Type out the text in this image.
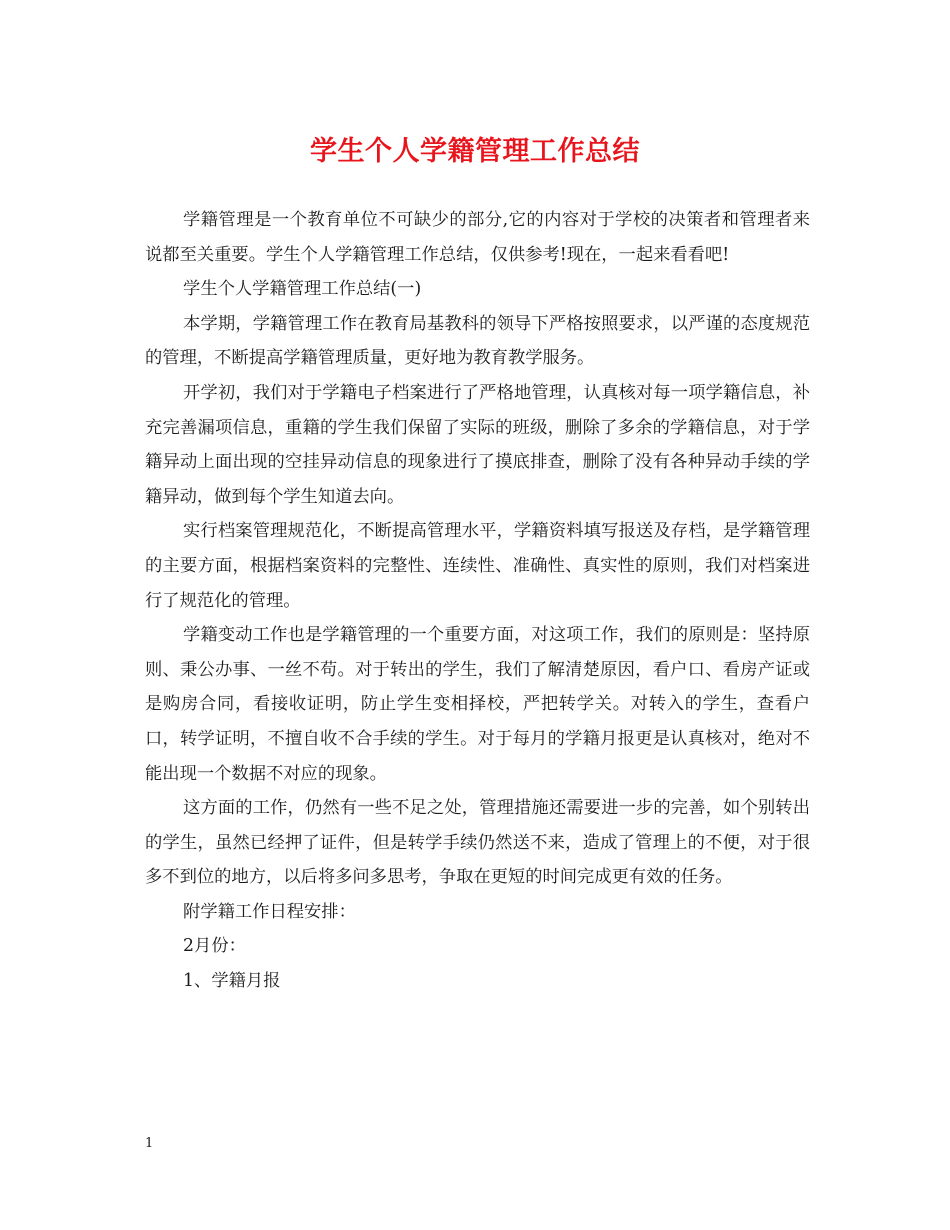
学生个人学籍管理工作总结

学籍管理是一个教育单位不可缺少的部分,它的内容对于学校的决策者和管理者来说都至关重要。学生个人学籍管理工作总结，仅供参考!现在，一起来看看吧!

学生个人学籍管理工作总结(一)

本学期，学籍管理工作在教育局基教科的领导下严格按照要求，以严谨的态度规范的管理，不断提高学籍管理质量，更好地为教育教学服务。

开学初，我们对于学籍电子档案进行了严格地管理，认真核对每一项学籍信息，补充完善漏项信息，重籍的学生我们保留了实际的班级，删除了多余的学籍信息，对于学籍异动上面出现的空挂异动信息的现象进行了摸底排查，删除了没有各种异动手续的学籍异动，做到每个学生知道去向。

实行档案管理规范化，不断提高管理水平，学籍资料填写报送及存档，是学籍管理的主要方面，根据档案资料的完整性、连续性、准确性、真实性的原则，我们对档案进行了规范化的管理。

学籍变动工作也是学籍管理的一个重要方面，对这项工作，我们的原则是：坚持原则、秉公办事、一丝不苟。对于转出的学生，我们了解清楚原因，看户口、看房产证或是购房合同，看接收证明，防止学生变相择校，严把转学关。对转入的学生，查看户口，转学证明，不擅自收不合手续的学生。对于每月的学籍月报更是认真核对，绝对不能出现一个数据不对应的现象。

这方面的工作，仍然有一些不足之处，管理措施还需要进一步的完善，如个别转出的学生，虽然已经押了证件，但是转学手续仍然送不来，造成了管理上的不便，对于很多不到位的地方，以后将多问多思考，争取在更短的时间完成更有效的任务。

附学籍工作日程安排：

2月份：

1、学籍月报

1
